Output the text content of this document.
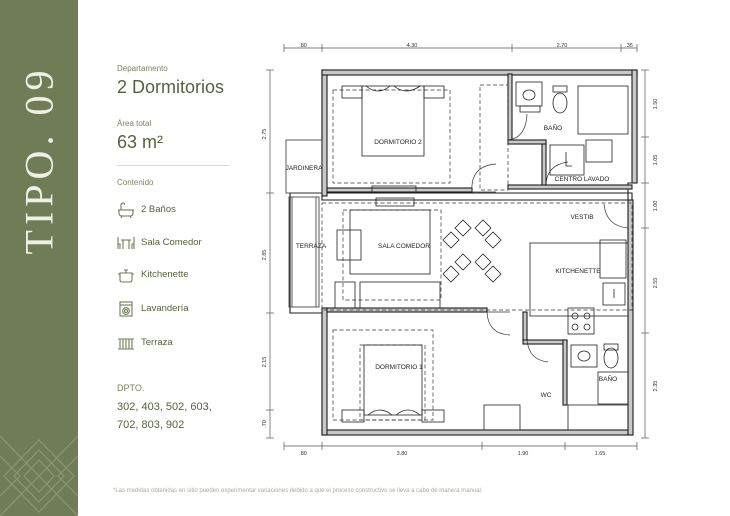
TIPO. 09	Departamento
2 Dormitorios
Área total
63 m²
Contenido
2 Baños
Sala Comedor
Kitchenette
Lavandería
Terraza
DPTO.
302, 403, 502, 603,
702, 803, 902
.80	4.30	2.70	.35
.80	3.80	1.90	1.65
2.75
2.85
2.15
.70
1.50
1.05
1.00
2.55
2.35
DORMITORIO 2
BAÑO
CENTRO LAVADO
JARDINERA
VESTIB
TERRAZA	SALA COMEDOR
KITCHENETTE
DORMITORIO 1
WC
BAÑO
*Las medidas obtenidas en sitio pueden experimentar variaciones debido a que el proceso constructivo se lleva a cabo de manera manual.
